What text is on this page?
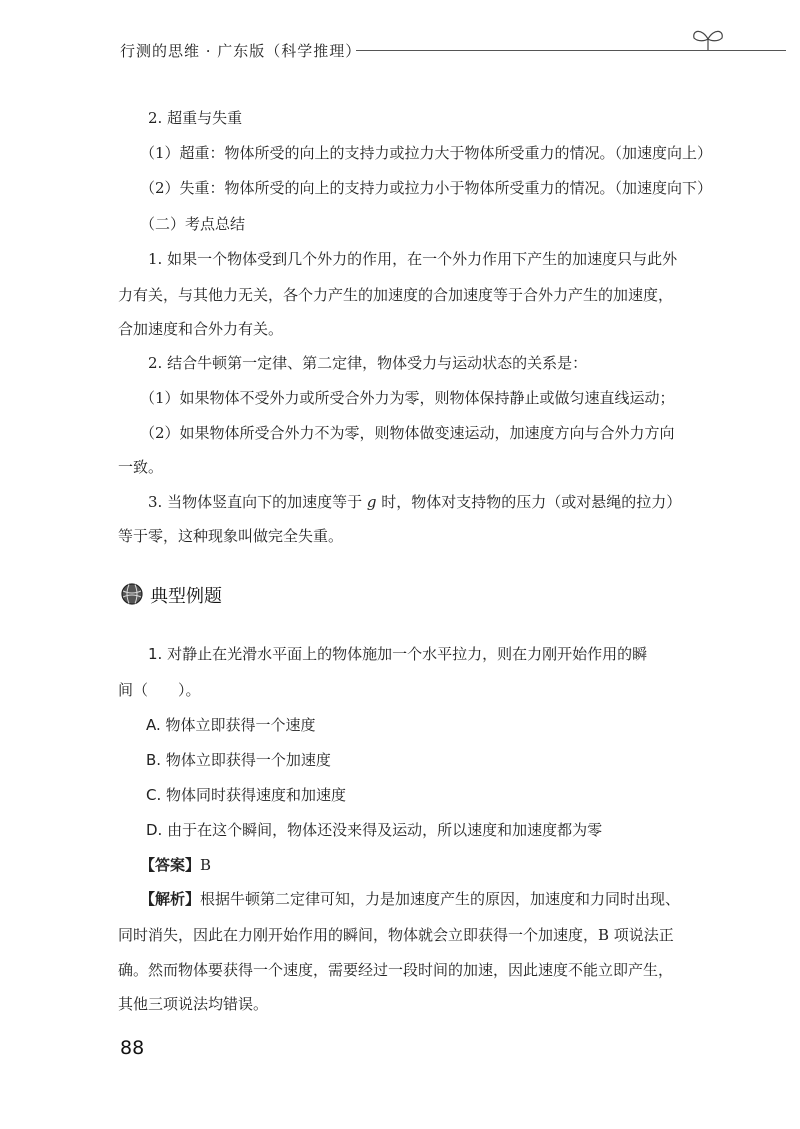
行测的思维 · 广东版（科学推理）
2. 超重与失重
（1）超重：物体所受的向上的支持力或拉力大于物体所受重力的情况。（加速度向上）
（2）失重：物体所受的向上的支持力或拉力小于物体所受重力的情况。（加速度向下）
（二）考点总结
1. 如果一个物体受到几个外力的作用，在一个外力作用下产生的加速度只与此外
力有关，与其他力无关，各个力产生的加速度的合加速度等于合外力产生的加速度，
合加速度和合外力有关。
2. 结合牛顿第一定律、第二定律，物体受力与运动状态的关系是：
（1）如果物体不受外力或所受合外力为零，则物体保持静止或做匀速直线运动；
（2）如果物体所受合外力不为零，则物体做变速运动，加速度方向与合外力方向
一致。
3. 当物体竖直向下的加速度等于 g 时，物体对支持物的压力（或对悬绳的拉力）
等于零，这种现象叫做完全失重。
典型例题
1. 对静止在光滑水平面上的物体施加一个水平拉力，则在力刚开始作用的瞬
间（　　）。
A. 物体立即获得一个速度
B. 物体立即获得一个加速度
C. 物体同时获得速度和加速度
D. 由于在这个瞬间，物体还没来得及运动，所以速度和加速度都为零
【答案】B
【解析】根据牛顿第二定律可知，力是加速度产生的原因，加速度和力同时出现、
同时消失，因此在力刚开始作用的瞬间，物体就会立即获得一个加速度，B 项说法正
确。然而物体要获得一个速度，需要经过一段时间的加速，因此速度不能立即产生，
其他三项说法均错误。
88
